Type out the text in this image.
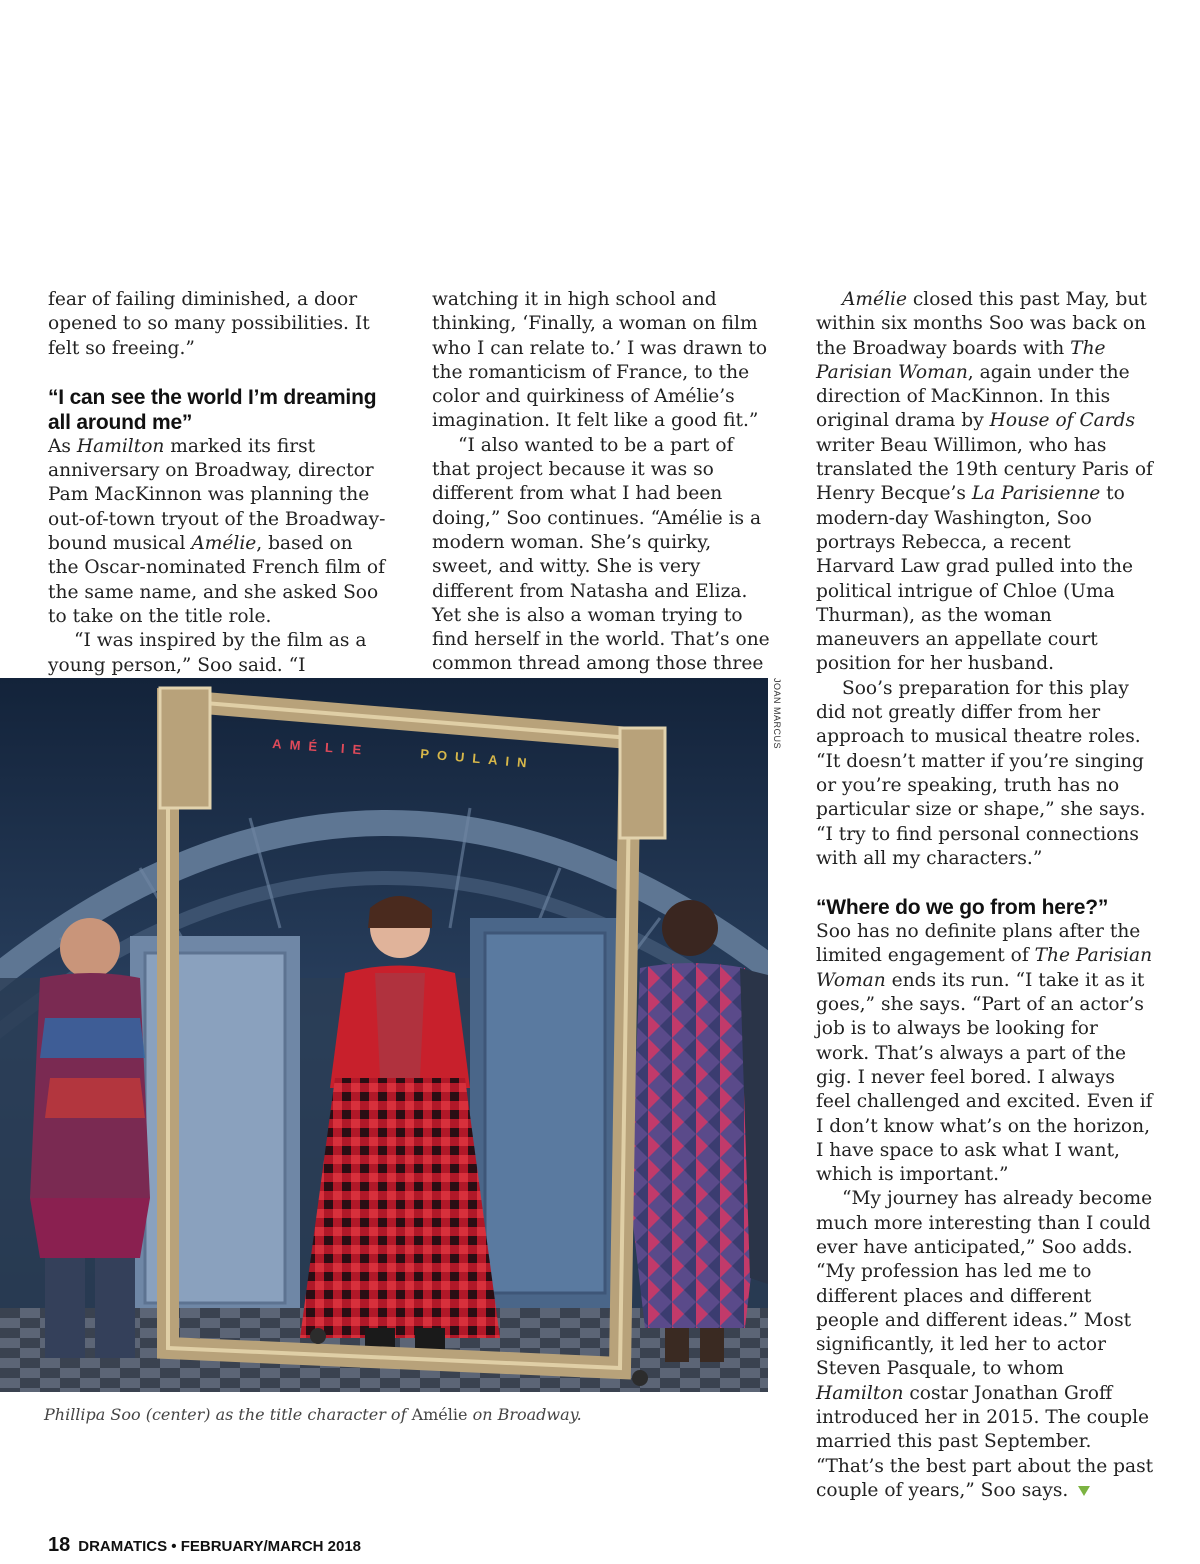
fear of failing diminished, a door opened to so many possibilities. It felt so freeing.”

“I can see the world I’m dreaming all around me”

As Hamilton marked its first anniversary on Broadway, director Pam MacKinnon was planning the out-of-town tryout of the Broadway-bound musical Amélie, based on the Oscar-nominated French film of the same name, and she asked Soo to take on the title role.

“I was inspired by the film as a young person,” Soo said. “I

watching it in high school and thinking, ‘Finally, a woman on film who I can relate to.’ I was drawn to the romanticism of France, to the color and quirkiness of Amélie’s imagination. It felt like a good fit.”

“I also wanted to be a part of that project because it was so different from what I had been doing,” Soo continues. “Amélie is a modern woman. She’s quirky, sweet, and witty. She is very different from Natasha and Eliza. Yet she is also a woman trying to find herself in the world. That’s one common thread among those three

Amélie closed this past May, but within six months Soo was back on the Broadway boards with The Parisian Woman, again under the direction of MacKinnon. In this original drama by House of Cards writer Beau Willimon, who has translated the 19th century Paris of Henry Becque’s La Parisienne to modern-day Washington, Soo portrays Rebecca, a recent Harvard Law grad pulled into the political intrigue of Chloe (Uma Thurman), as the woman maneuvers an appellate court position for her husband.

Soo’s preparation for this play did not greatly differ from her approach to musical theatre roles. “It doesn’t matter if you’re singing or you’re speaking, truth has no particular size or shape,” she says. “I try to find personal connections with all my characters.”

“Where do we go from here?”

Soo has no definite plans after the limited engagement of The Parisian Woman ends its run. “I take it as it goes,” she says. “Part of an actor’s job is to always be looking for work. That’s always a part of the gig. I never feel bored. I always feel challenged and excited. Even if I don’t know what’s on the horizon, I have space to ask what I want, which is important.”

“My journey has already become much more interesting than I could ever have anticipated,” Soo adds. “My profession has led me to different places and different people and different ideas.” Most significantly, it led her to actor Steven Pasquale, to whom Hamilton costar Jonathan Groff introduced her in 2015. The couple married this past September. “That’s the best part about the past couple of years,” Soo says.

AMÉLIE	POULAIN
JOAN MARCUS
Phillipa Soo (center) as the title character of Amélie on Broadway.
18 DRAMATICS • FEBRUARY/MARCH 2018
